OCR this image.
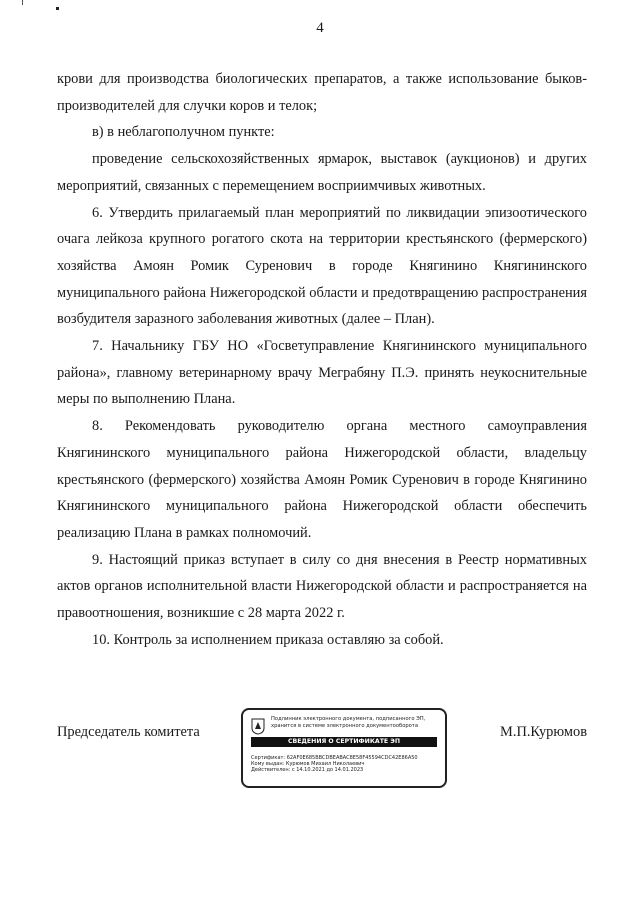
4

крови для производства биологических препаратов, а также использование быков-производителей для случки коров и телок;

в) в неблагополучном пункте:

проведение сельскохозяйственных ярмарок, выставок (аукционов) и других мероприятий, связанных с перемещением восприимчивых животных.

6. Утвердить прилагаемый план мероприятий по ликвидации эпизоотического очага лейкоза крупного рогатого скота на территории крестьянского (фермерского) хозяйства Амоян Ромик Суренович в городе Княгинино Княгининского муниципального района Нижегородской области и предотвращению распространения возбудителя заразного заболевания животных (далее – План).

7. Начальнику ГБУ НО «Госветуправление Княгининского муниципального района», главному ветеринарному врачу Меграбяну П.Э. принять неукоснительные меры по выполнению Плана.

8. Рекомендовать руководителю органа местного самоуправления Княгининского муниципального района Нижегородской области, владельцу крестьянского (фермерского) хозяйства Амоян Ромик Суренович в городе Княгинино Княгининского муниципального района Нижегородской области обеспечить реализацию Плана в рамках полномочий.

9. Настоящий приказ вступает в силу со дня внесения в Реестр нормативных актов органов исполнительной власти Нижегородской области и распространяется на правоотношения, возникшие с 28 марта 2022 г.

10. Контроль за исполнением приказа оставляю за собой.

Председатель комитета
Подлинник электронного документа, подписанного ЭП, хранится в системе электронного документооборота
СВЕДЕНИЯ О СЕРТИФИКАТЕ ЭП
Сертификат: 62AF0E685BBCDBEABAC8E58F45594CDC42E86A50
Кому выдан: Курюмов Михаил Николаевич
Действителен: с 14.10.2021 до 14.01.2023
М.П.Курюмов
